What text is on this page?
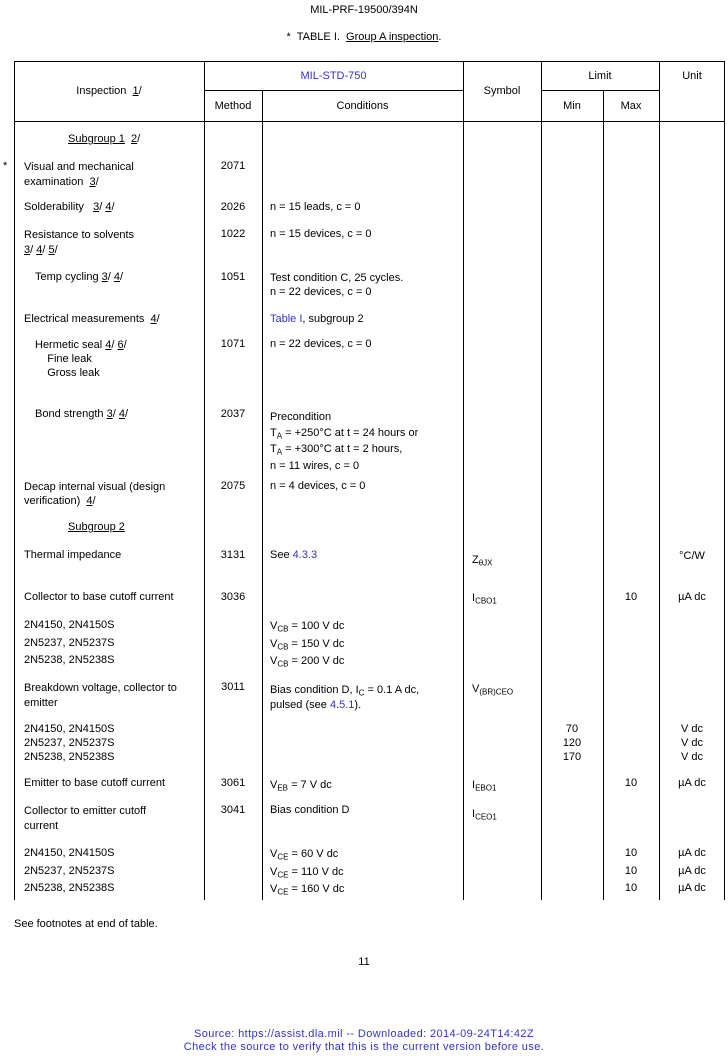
MIL-PRF-19500/394N
*  TABLE I.  Group A inspection.
*
Inspection 1 /
MIL-STD-750
Method	Conditions
Symbol
Limit
Min	Max
Unit
Subgroup 1 2/
Visual and mechanical
examination  3/
Solderability   3/ 4/
Resistance to solvents
3/ 4/ 5/
Temp cycling 3/ 4/
Electrical measurements  4/
Hermetic seal 4/ 6/
Fine leak
Gross leak
Bond strength 3/ 4/
Decap internal visual (design
verification)  4/
Subgroup 2
Thermal impedance
Collector to base cutoff current
2N4150, 2N4150S
2N5237, 2N5237S
2N5238, 2N5238S
Breakdown voltage, collector to
emitter
2N4150, 2N4150S
2N5237, 2N5237S
2N5238, 2N5238S
Emitter to base cutoff current
Collector to emitter cutoff
current
2N4150, 2N4150S
2N5237, 2N5237S
2N5238, 2N5238S
2071
2026
1022
1051
1071
2037
2075
3131
3036
3011
3061
3041
n = 15 leads, c = 0
n = 15 devices, c = 0
Test condition C, 25 cycles.
n = 22 devices, c = 0
Table I, subgroup 2
n = 22 devices, c = 0
Precondition
$T_A = +250^\circ C$ at t = 24 hours or
$T_A = +300^\circ C$ at t = 2 hours,
n = 11 wires, c = 0
n = 4 devices, c = 0
See 4.3.3
$V_{CB} = 100$ V dc
$V_{CB} = 150$ V dc
$V_{CB} = 200$ V dc
Bias condition D, $I_C = 0.1$ A dc,
pulsed (see 4.5.1).
$V_{EB} = 7$ V dc
Bias condition D
$V_{CE} = 60$ V dc
$V_{CE} = 110$ V dc
$V_{CE} = 160$ V dc
$Z_{\theta JX}$
$I_{CBO1}$
$V_{(BR)CEO}$
$I_{EBO1}$
$I_{CEO1}$
70
120
170
10
10
10
10
10
°C/W
µA dc
V dc
V dc
V dc
µA dc
µA dc
µA dc
µA dc
See footnotes at end of table.
11
Source: https://assist.dla.mil -- Downloaded: 2014-09-24T14:42Z
Check the source to verify that this is the current version before use.
